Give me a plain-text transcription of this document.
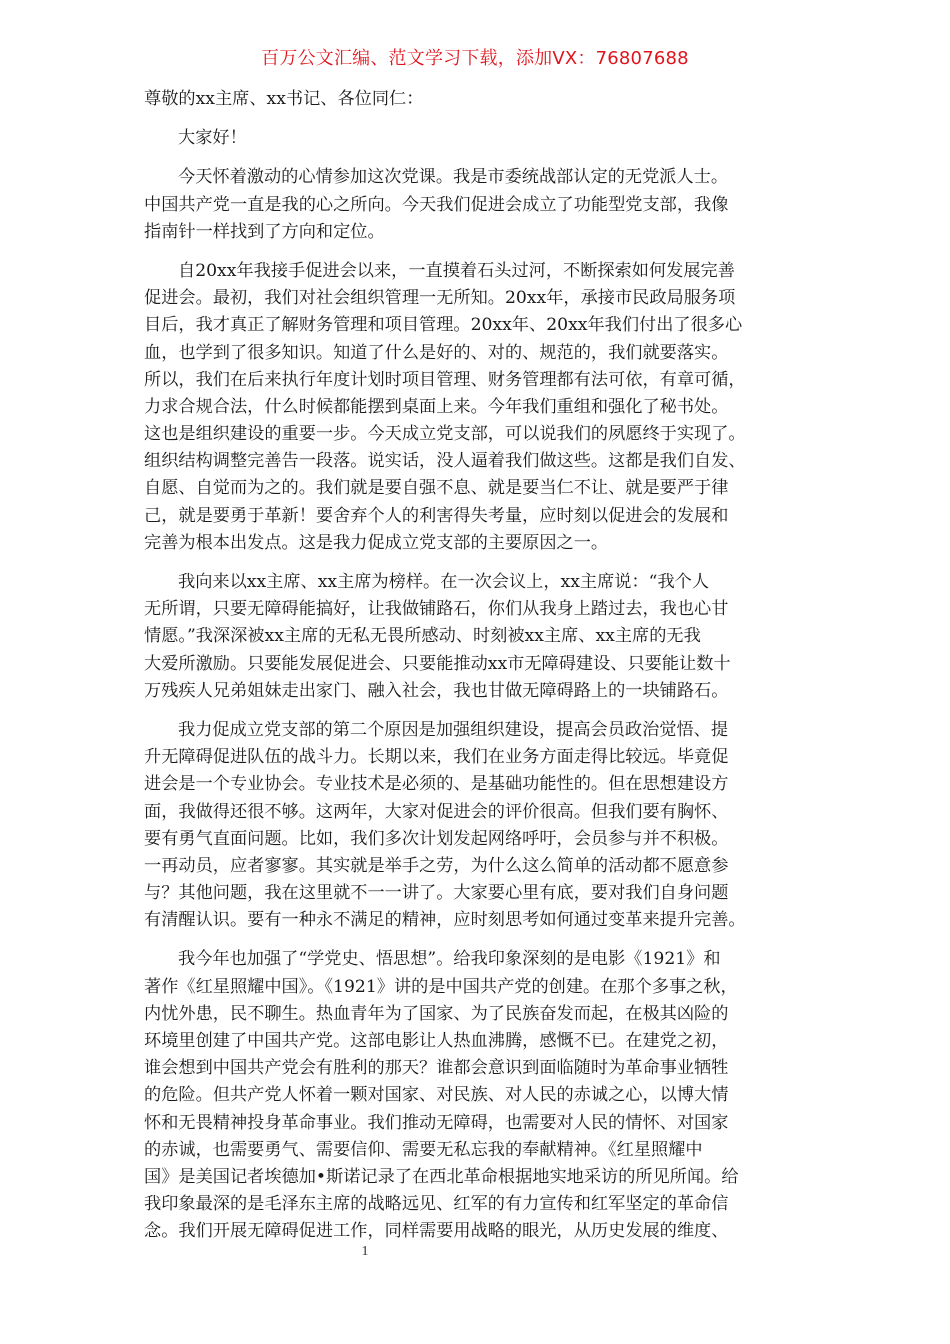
百万公文汇编、范文学习下载，添加VX：76807688
尊敬的xx主席、xx书记、各位同仁：
大家好！
今天怀着激动的心情参加这次党课。我是市委统战部认定的无党派人士。
中国共产党一直是我的心之所向。今天我们促进会成立了功能型党支部，我像
指南针一样找到了方向和定位。
自20xx年我接手促进会以来，一直摸着石头过河，不断探索如何发展完善
促进会。最初，我们对社会组织管理一无所知。20xx年，承接市民政局服务项
目后，我才真正了解财务管理和项目管理。20xx年、20xx年我们付出了很多心
血，也学到了很多知识。知道了什么是好的、对的、规范的，我们就要落实。
所以，我们在后来执行年度计划时项目管理、财务管理都有法可依，有章可循，
力求合规合法，什么时候都能摆到桌面上来。今年我们重组和强化了秘书处。
这也是组织建设的重要一步。今天成立党支部，可以说我们的夙愿终于实现了。
组织结构调整完善告一段落。说实话，没人逼着我们做这些。这都是我们自发、
自愿、自觉而为之的。我们就是要自强不息、就是要当仁不让、就是要严于律
己，就是要勇于革新！要舍弃个人的利害得失考量，应时刻以促进会的发展和
完善为根本出发点。这是我力促成立党支部的主要原因之一。
我向来以xx主席、xx主席为榜样。在一次会议上，xx主席说：“我个人
无所谓，只要无障碍能搞好，让我做铺路石，你们从我身上踏过去，我也心甘
情愿。”我深深被xx主席的无私无畏所感动、时刻被xx主席、xx主席的无我
大爱所激励。只要能发展促进会、只要能推动xx市无障碍建设、只要能让数十
万残疾人兄弟姐妹走出家门、融入社会，我也甘做无障碍路上的一块铺路石。
我力促成立党支部的第二个原因是加强组织建设，提高会员政治觉悟、提
升无障碍促进队伍的战斗力。长期以来，我们在业务方面走得比较远。毕竟促
进会是一个专业协会。专业技术是必须的、是基础功能性的。但在思想建设方
面，我做得还很不够。这两年，大家对促进会的评价很高。但我们要有胸怀、
要有勇气直面问题。比如，我们多次计划发起网络呼吁，会员参与并不积极。
一再动员，应者寥寥。其实就是举手之劳，为什么这么简单的活动都不愿意参
与？其他问题，我在这里就不一一讲了。大家要心里有底，要对我们自身问题
有清醒认识。要有一种永不满足的精神，应时刻思考如何通过变革来提升完善。
我今年也加强了“学党史、悟思想”。给我印象深刻的是电影《1921》和
著作《红星照耀中国》。《1921》讲的是中国共产党的创建。在那个多事之秋，
内忧外患，民不聊生。热血青年为了国家、为了民族奋发而起，在极其凶险的
环境里创建了中国共产党。这部电影让人热血沸腾，感慨不已。在建党之初，
谁会想到中国共产党会有胜利的那天？谁都会意识到面临随时为革命事业牺牲
的危险。但共产党人怀着一颗对国家、对民族、对人民的赤诚之心，以博大情
怀和无畏精神投身革命事业。我们推动无障碍，也需要对人民的情怀、对国家
的赤诚，也需要勇气、需要信仰、需要无私忘我的奉献精神。《红星照耀中
国》是美国记者埃德加•斯诺记录了在西北革命根据地实地采访的所见所闻。给
我印象最深的是毛泽东主席的战略远见、红军的有力宣传和红军坚定的革命信
念。我们开展无障碍促进工作，同样需要用战略的眼光，从历史发展的维度、
1
